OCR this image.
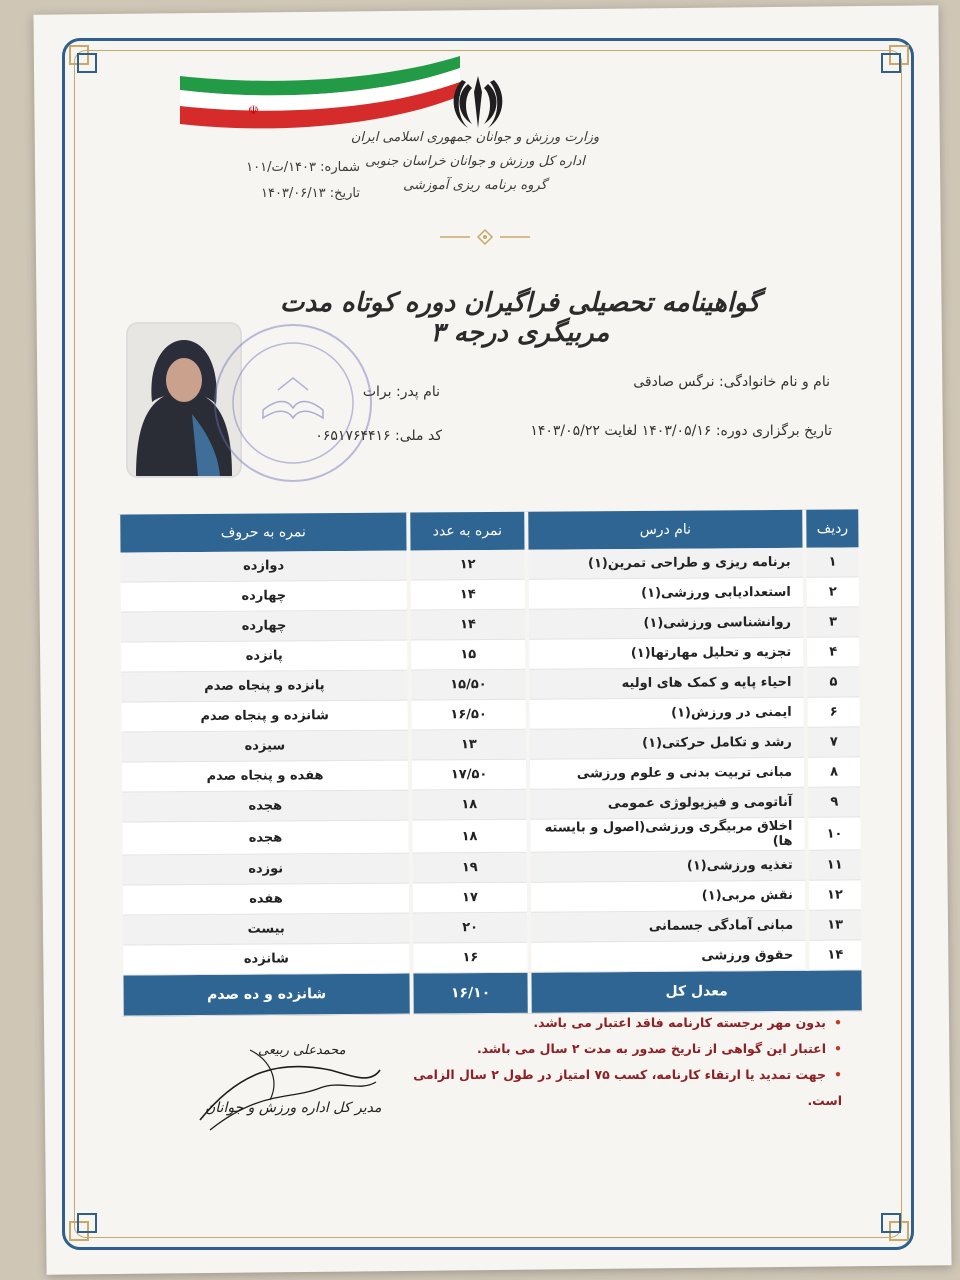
☫
وزارت ورزش و جوانان جمهوری اسلامی ایران
اداره کل ورزش و جوانان خراسان جنوبی
گروه برنامه ریزی آموزشی
شماره: ۱۴۰۳/ت/۱۰۱
تاریخ: ۱۴۰۳/۰۶/۱۳
گواهینامه تحصیلی فراگیران دوره کوتاه مدت مربیگری درجه ۳
نام و نام خانوادگی: نرگس صادقی
نام پدر: برات
تاریخ برگزاری دوره: ۱۴۰۳/۰۵/۱۶ لغایت ۱۴۰۳/۰۵/۲۲
کد ملی: ۰۶۵۱۷۶۴۴۱۶
ردیف	نام درس	نمره به عدد	نمره به حروف
۱	برنامه ریزی و طراحی تمرین(۱)	۱۲	دوازده
۲	استعدادیابی ورزشی(۱)	۱۴	چهارده
۳	روانشناسی ورزشی(۱)	۱۴	چهارده
۴	تجزیه و تحلیل مهارتها(۱)	۱۵	پانزده
۵	احیاء پایه و کمک های اولیه	۱۵/۵۰	پانزده و پنجاه صدم
۶	ایمنی در ورزش(۱)	۱۶/۵۰	شانزده و پنجاه صدم
۷	رشد و تکامل حرکتی(۱)	۱۳	سیزده
۸	مبانی تربیت بدنی و علوم ورزشی	۱۷/۵۰	هفده و پنجاه صدم
۹	آناتومی و فیزیولوژی عمومی	۱۸	هجده
۱۰	اخلاق مربیگری ورزشی(اصول و بایسته ها)	۱۸	هجده
۱۱	تغذیه ورزشی(۱)	۱۹	نوزده
۱۲	نقش مربی(۱)	۱۷	هفده
۱۳	مبانی آمادگی جسمانی	۲۰	بیست
۱۴	حقوق ورزشی	۱۶	شانزده
معدل کل		۱۶/۱۰	شانزده و ده صدم
• بدون مهر برجسته کارنامه فاقد اعتبار می باشد.
• اعتبار این گواهی از تاریخ صدور به مدت ۲ سال می باشد.
• جهت تمدید یا ارتقاء کارنامه، کسب ۷۵ امتیاز در طول ۲ سال الزامی است.
محمدعلی ربیعی
مدیر کل اداره ورزش و جوانان
